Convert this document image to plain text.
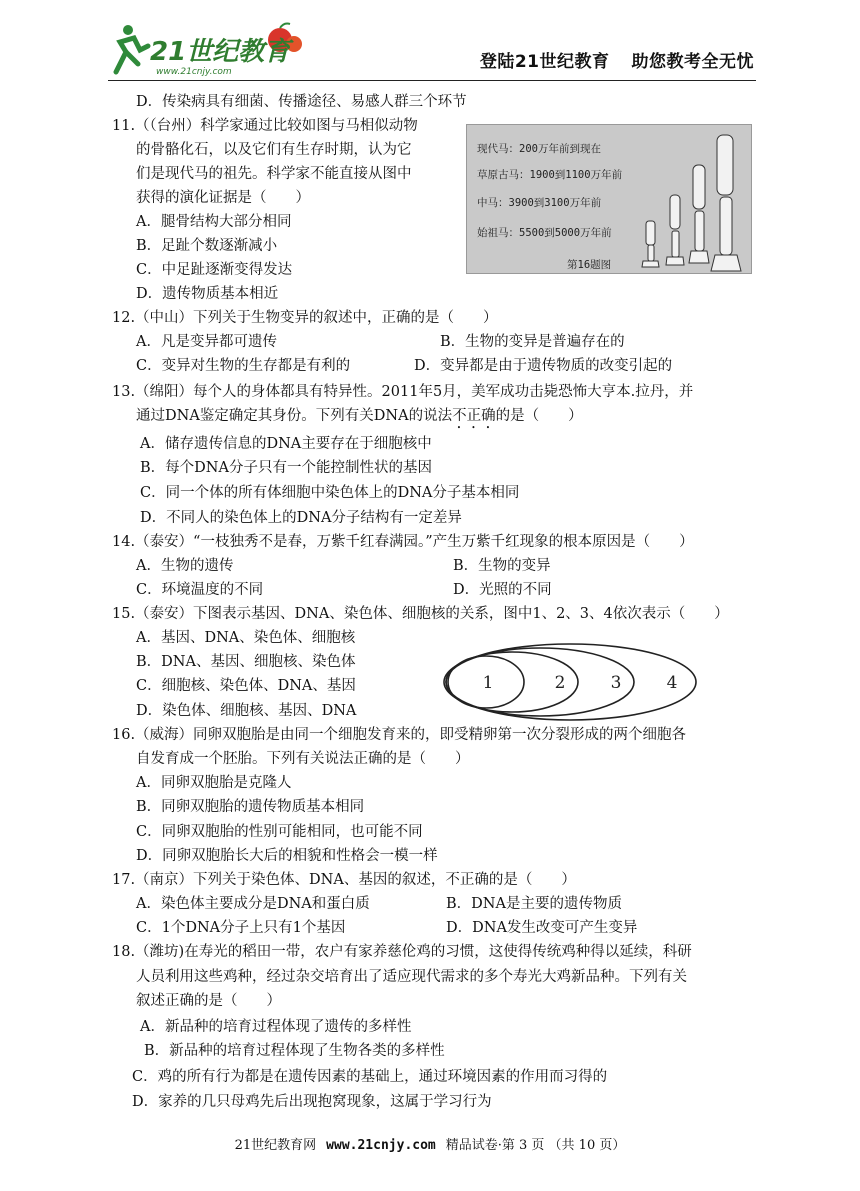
21世纪教育
www.21cnjy.com	登陆21世纪教育 助您教考全无忧
D．传染病具有细菌、传播途径、易感人群三个环节
11.（（台州）科学家通过比较如图与马相似动物
的骨骼化石，以及它们有生存时期，认为它
们是现代马的祖先。科学家不能直接从图中
获得的演化证据是（　　）
A．腿骨结构大部分相同
B．足趾个数逐渐减小
C．中足趾逐渐变得发达
D．遗传物质基本相近
12.（中山）下列关于生物变异的叙述中，正确的是（　　）
A．凡是变异都可遗传	B．生物的变异是普遍存在的
C．变异对生物的生存都是有利的	D．变异都是由于遗传物质的改变引起的
13.（绵阳）每个人的身体都具有特异性。2011年5月，美军成功击毙恐怖大亨本.拉丹，并
通过DNA鉴定确定其身份。下列有关DNA的说法不正确的是（　　）
A．储存遗传信息的DNA主要存在于细胞核中
B．每个DNA分子只有一个能控制性状的基因
C．同一个体的所有体细胞中染色体上的DNA分子基本相同
D．不同人的染色体上的DNA分子结构有一定差异
14.（泰安）“一枝独秀不是春，万紫千红春满园。”产生万紫千红现象的根本原因是（　　）
A．生物的遗传	B．生物的变异
C．环境温度的不同	D．光照的不同
15.（泰安）下图表示基因、DNA、染色体、细胞核的关系，图中1、2、3、4依次表示（　　）
A．基因、DNA、染色体、细胞核
B．DNA、基因、细胞核、染色体
C．细胞核、染色体、DNA、基因
D．染色体、细胞核、基因、DNA
16.（威海）同卵双胞胎是由同一个细胞发育来的，即受精卵第一次分裂形成的两个细胞各
自发育成一个胚胎。下列有关说法正确的是（　　）
A．同卵双胞胎是克隆人
B．同卵双胞胎的遗传物质基本相同
C．同卵双胞胎的性别可能相同，也可能不同
D．同卵双胞胎长大后的相貌和性格会一模一样
17.（南京）下列关于染色体、DNA、基因的叙述，不正确的是（　　）
A．染色体主要成分是DNA和蛋白质	B．DNA是主要的遗传物质
C．1个DNA分子上只有1个基因	D．DNA发生改变可产生变异
18.（潍坊)在寿光的稻田一带，农户有家养慈伦鸡的习惯，这使得传统鸡种得以延续，科研
人员利用这些鸡种，经过杂交培育出了适应现代需求的多个寿光大鸡新品种。下列有关
叙述正确的是（　　）
A．新品种的培育过程体现了遗传的多样性
B．新品种的培育过程体现了生物各类的多样性
C．鸡的所有行为都是在遗传因素的基础上，通过环境因素的作用而习得的
D．家养的几只母鸡先后出现抱窝现象，这属于学习行为
现代马：200万年前到现在
草原古马：1900到1100万年前
中马：3900到3100万年前
始祖马：5500到5000万年前
第16题图
1	2	3	4
21世纪教育网 www.21cnjy.com 精品试卷·第 3 页 （共 10 页）
